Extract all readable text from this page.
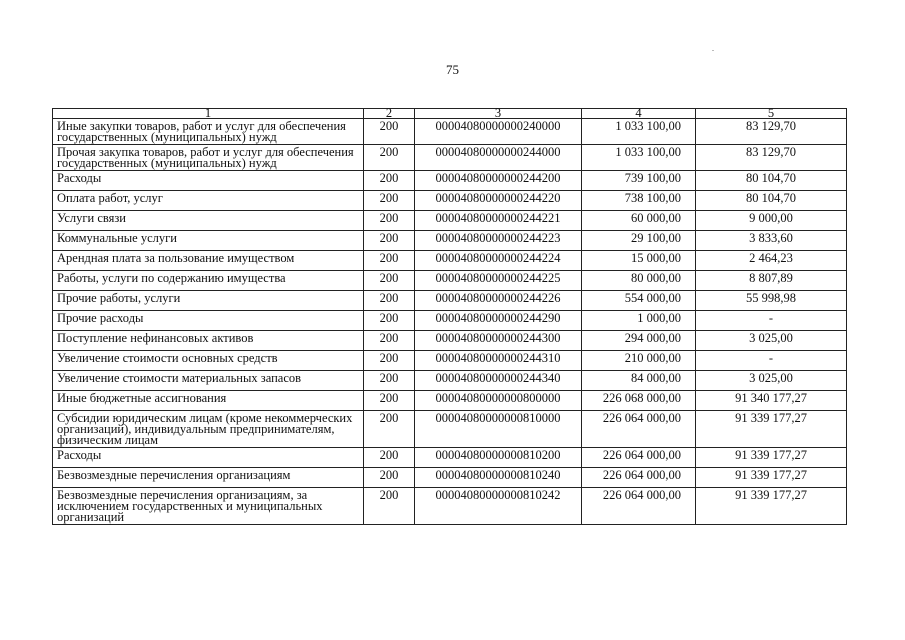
75
1	2	3	4	5
Иные закупки товаров, работ и услуг для обеспечения государственных (муниципальных) нужд	200	00004080000000240000	1 033 100,00	83 129,70
Прочая закупка товаров, работ и услуг для обеспечения государственных (муниципальных) нужд	200	00004080000000244000	1 033 100,00	83 129,70
Расходы	200	00004080000000244200	739 100,00	80 104,70
Оплата работ, услуг	200	00004080000000244220	738 100,00	80 104,70
Услуги связи	200	00004080000000244221	60 000,00	9 000,00
Коммунальные услуги	200	00004080000000244223	29 100,00	3 833,60
Арендная плата за пользование имуществом	200	00004080000000244224	15 000,00	2 464,23
Работы, услуги по содержанию имущества	200	00004080000000244225	80 000,00	8 807,89
Прочие работы, услуги	200	00004080000000244226	554 000,00	55 998,98
Прочие расходы	200	00004080000000244290	1 000,00	-
Поступление нефинансовых активов	200	00004080000000244300	294 000,00	3 025,00
Увеличение стоимости основных средств	200	00004080000000244310	210 000,00	-
Увеличение стоимости материальных запасов	200	00004080000000244340	84 000,00	3 025,00
Иные бюджетные ассигнования	200	00004080000000800000	226 068 000,00	91 340 177,27
Субсидии юридическим лицам (кроме некоммерческих организаций), индивидуальным предпринимателям, физическим лицам	200	00004080000000810000	226 064 000,00	91 339 177,27
Расходы	200	00004080000000810200	226 064 000,00	91 339 177,27
Безвозмездные перечисления организациям	200	00004080000000810240	226 064 000,00	91 339 177,27
Безвозмездные перечисления организациям, за исключением государственных и муниципальных организаций	200	00004080000000810242	226 064 000,00	91 339 177,27
